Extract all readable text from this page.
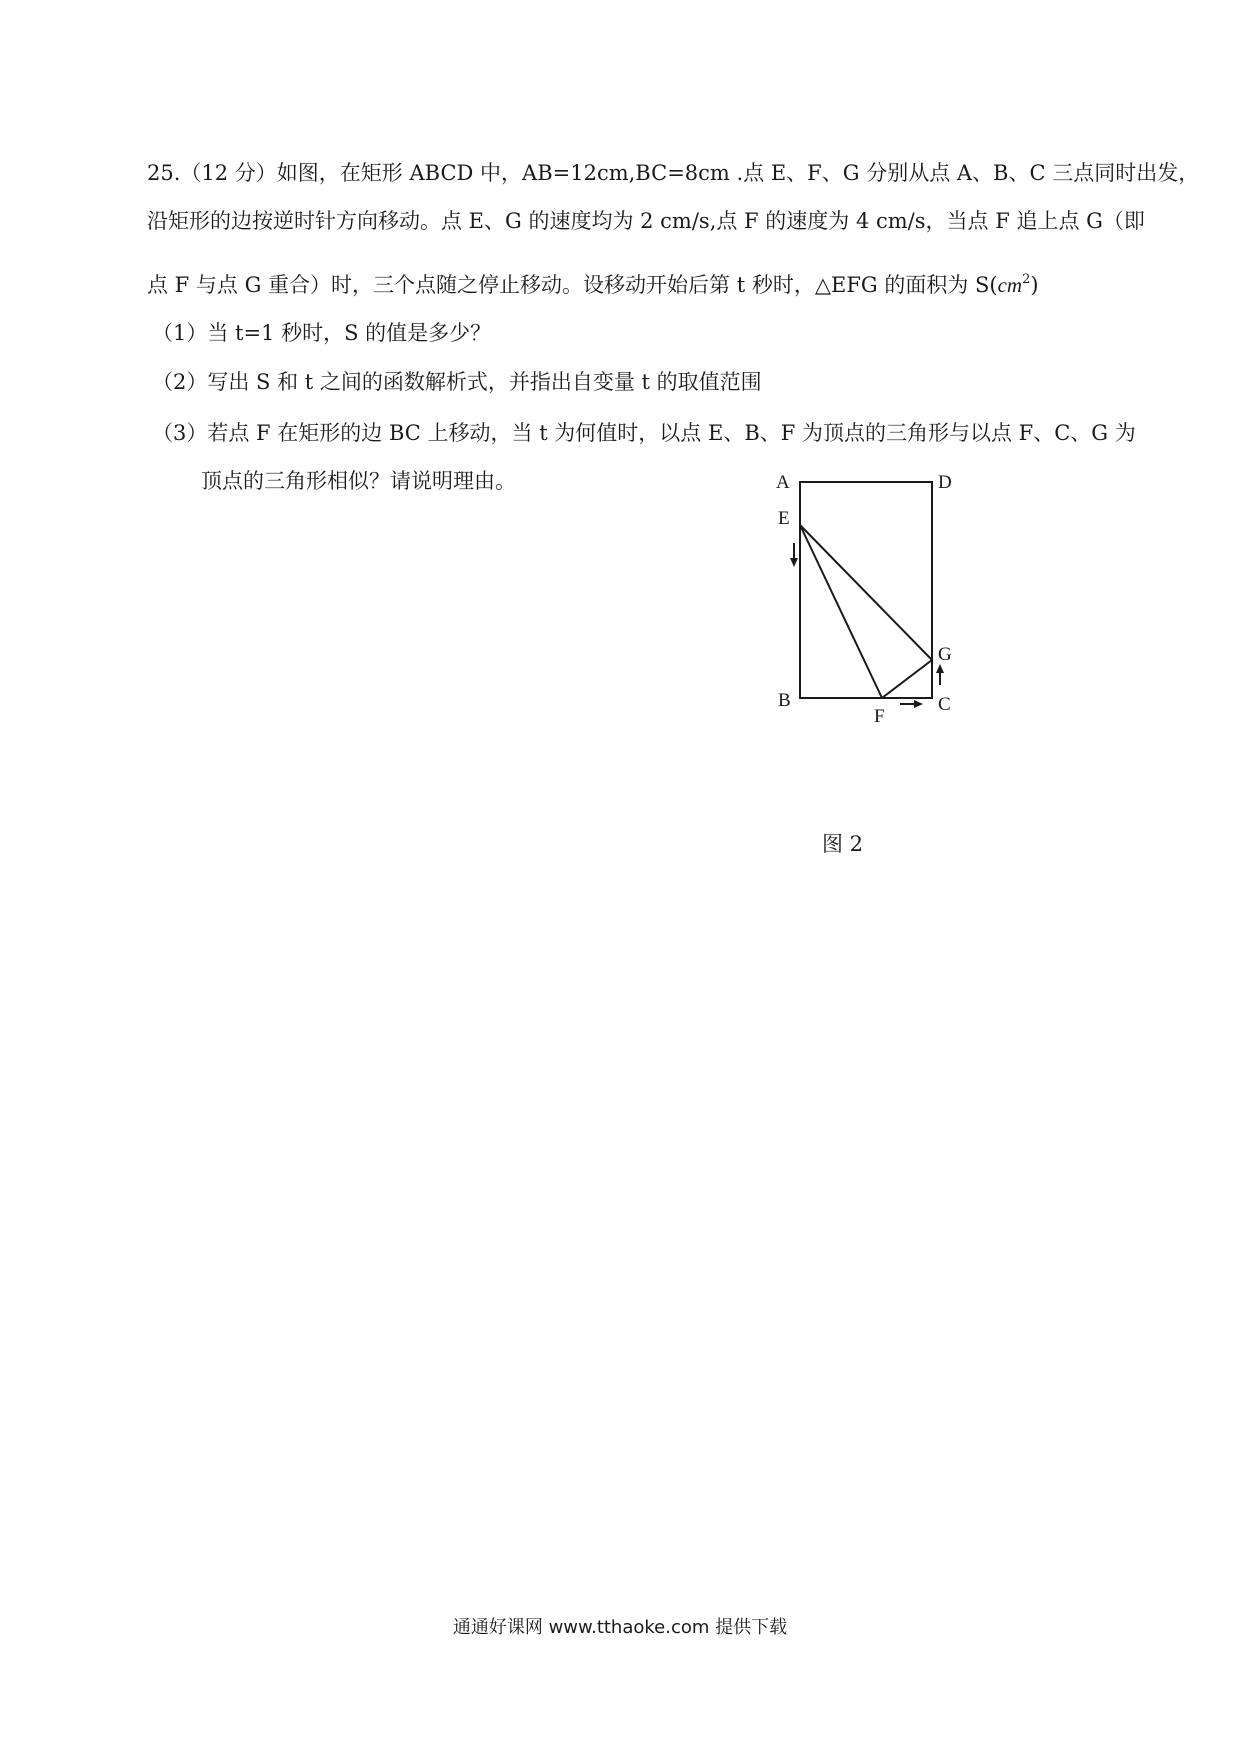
25.（12 分）如图，在矩形 ABCD 中，AB=12cm,BC=8cm .点 E、F、G 分别从点 A、B、C 三点同时出发，
沿矩形的边按逆时针方向移动。点 E、G 的速度均为 2 cm/s,点 F 的速度为 4 cm/s，当点 F 追上点 G（即
点 F 与点 G 重合）时，三个点随之停止移动。设移动开始后第 t 秒时，△EFG 的面积为 $S(cm^2)$
（1）当 t=1 秒时，S 的值是多少？
（2）写出 S 和 t 之间的函数解析式，并指出自变量 t 的取值范围
（3）若点 F 在矩形的边 BC 上移动，当 t 为何值时，以点 E、B、F 为顶点的三角形与以点 F、C、G 为
顶点的三角形相似？请说明理由。	A	D
E
G
B
F
C
图 2
通通好课网 www.tthaoke.com 提供下载
